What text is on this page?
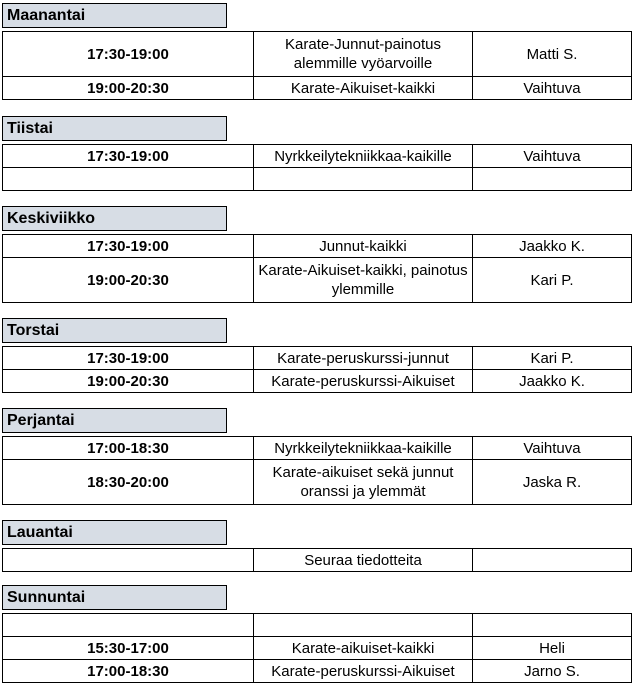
Maanantai
17:30-19:00	Karate-Junnut-painotus alemmille vyöarvoille	Matti S.
19:00-20:30	Karate-Aikuiset-kaikki	Vaihtuva
Tiistai
17:30-19:00	Nyrkkeilytekniikkaa-kaikille	Vaihtuva

Keskiviikko
17:30-19:00	Junnut-kaikki	Jaakko K.
19:00-20:30	Karate-Aikuiset-kaikki, painotus ylemmille	Kari P.
Torstai
17:30-19:00	Karate-peruskurssi-junnut	Kari P.
19:00-20:30	Karate-peruskurssi-Aikuiset	Jaakko K.
Perjantai
17:00-18:30	Nyrkkeilytekniikkaa-kaikille	Vaihtuva
18:30-20:00	Karate-aikuiset sekä junnut oranssi ja ylemmät	Jaska R.
Lauantai
	Seuraa tiedotteita	
Sunnuntai

15:30-17:00	Karate-aikuiset-kaikki	Heli
17:00-18:30	Karate-peruskurssi-Aikuiset	Jarno S.
